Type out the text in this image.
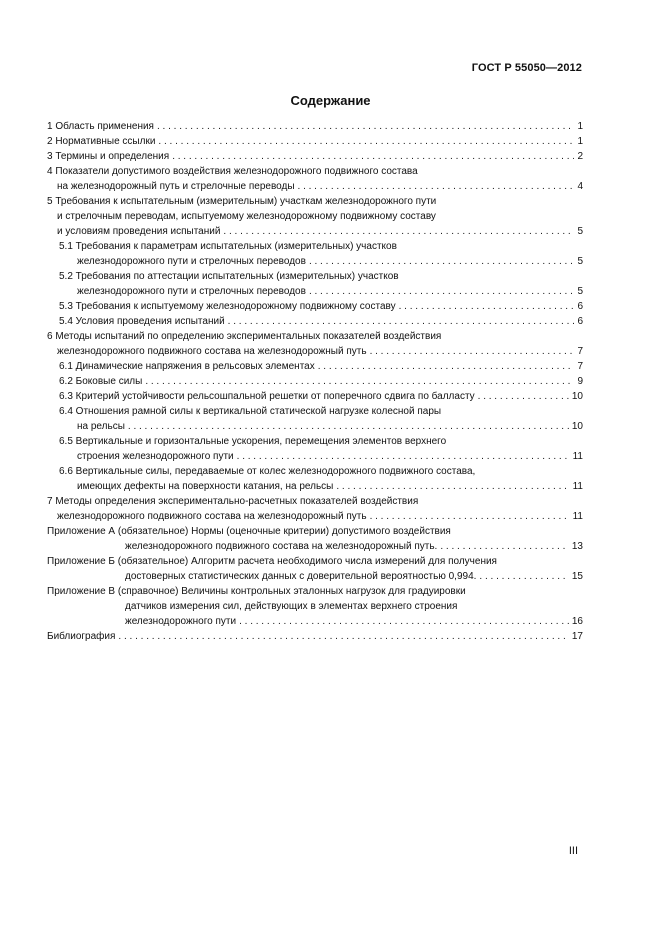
ГОСТ Р 55050—2012
Содержание
1 Область применения . . .	1
2 Нормативные ссылки . . .	1
3 Термины и определения . . .	2
4 Показатели допустимого воздействия железнодорожного подвижного состава
на железнодорожный путь и стрелочные переводы . . .	4
5 Требования к испытательным (измерительным) участкам железнодорожного пути
и стрелочным переводам, испытуемому железнодорожному подвижному составу
и условиям проведения испытаний . . .	5
5.1 Требования к параметрам испытательных (измерительных) участков
железнодорожного пути и стрелочных переводов . . .	5
5.2 Требования по аттестации испытательных (измерительных) участков
железнодорожного пути и стрелочных переводов . . .	5
5.3 Требования к испытуемому железнодорожному подвижному составу . . .	6
5.4 Условия проведения испытаний . . .	6
6 Методы испытаний по определению экспериментальных показателей воздействия
железнодорожного подвижного состава на железнодорожный путь . . .	7
6.1 Динамические напряжения в рельсовых элементах . . .	7
6.2 Боковые силы . . .	9
6.3 Критерий устойчивости рельсошпальной решетки от поперечного сдвига по балласту . . .	10
6.4 Отношения рамной силы к вертикальной статической нагрузке колесной пары
на рельсы . . .	10
6.5 Вертикальные и горизонтальные ускорения, перемещения элементов верхнего
строения железнодорожного пути . . .	11
6.6 Вертикальные силы, передаваемые от колес железнодорожного подвижного состава,
имеющих дефекты на поверхности катания, на рельсы . . .	11
7 Методы определения экспериментально-расчетных показателей воздействия
железнодорожного подвижного состава на железнодорожный путь . . .	11
Приложение А (обязательное) Нормы (оценочные критерии) допустимого воздействия
железнодорожного подвижного состава на железнодорожный путь. . . .	13
Приложение Б (обязательное) Алгоритм расчета необходимого числа измерений для получения
достоверных статистических данных с доверительной вероятностью 0,994. . . .	15
Приложение В (справочное) Величины контрольных эталонных нагрузок для градуировки
датчиков измерения сил, действующих в элементах верхнего строения
железнодорожного пути . . .	16
Библиография . . .	17
III
